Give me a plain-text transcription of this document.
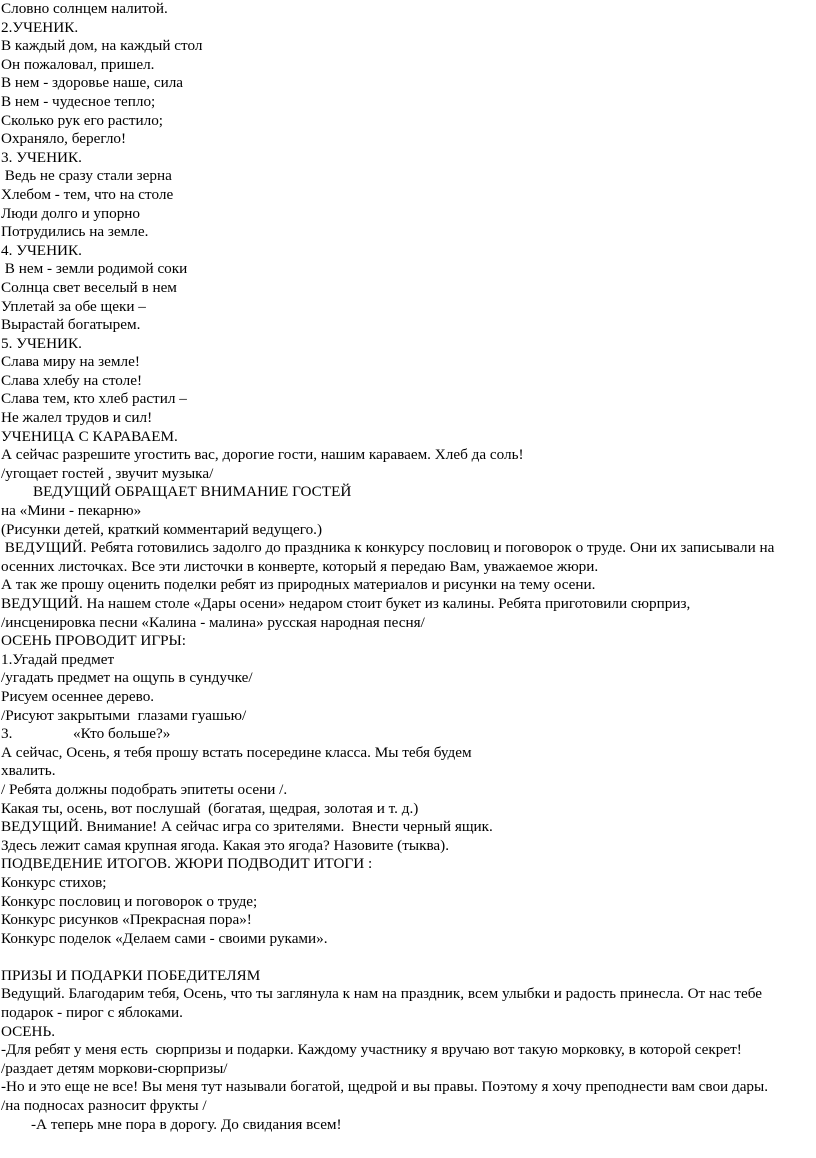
Словно солнцем налитой.

2.УЧЕНИК.

В каждый дом, на каждый стол

Он пожаловал, пришел.

В нем - здоровье наше, сила

В нем - чудесное тепло;

Сколько рук его растило;

Охраняло, берегло!

3. УЧЕНИК.

Ведь не сразу стали зерна

Хлебом - тем, что на столе

Люди долго и упорно

Потрудились на земле.

4. УЧЕНИК.

В нем - земли родимой соки

Солнца свет веселый в нем

Уплетай за обе щеки –

Вырастай богатырем.

5. УЧЕНИК.

Слава миру на земле!

Слава хлебу на столе!

Слава тем, кто хлеб растил –

Не жалел трудов и сил!

УЧЕНИЦА С КАРАВАЕМ.

А сейчас разрешите угостить вас, дорогие гости, нашим караваем. Хлеб да соль!

/угощает гостей , звучит музыка/

ВЕДУЩИЙ ОБРАЩАЕТ ВНИМАНИЕ ГОСТЕЙ

на «Мини - пекарню»

(Рисунки детей, краткий комментарий ведущего.)

ВЕДУЩИЙ. Ребята готовились задолго до праздника к конкурсу пословиц и поговорок о труде. Они их записывали на осенних листочках. Все эти листочки в конверте, который я передаю Вам, уважаемое жюри.

А так же прошу оценить поделки ребят из природных материалов и рисунки на тему осени.

ВЕДУЩИЙ. На нашем столе «Дары осени» недаром стоит букет из калины. Ребята приготовили сюрприз,

/инсценировка песни «Калина - малина» русская народная песня/

ОСЕНЬ ПРОВОДИТ ИГРЫ:

1.Угадай предмет

/угадать предмет на ощупь в сундучке/

Рисуем осеннее дерево.

/Рисуют закрытыми  глазами гуашью/

3.	«Кто больше?»

А сейчас, Осень, я тебя прошу встать посередине класса. Мы тебя будем

хвалить.

/ Ребята должны подобрать эпитеты осени /.

Какая ты, осень, вот послушай  (богатая, щедрая, золотая и т. д.)

ВЕДУЩИЙ. Внимание! А сейчас игра со зрителями.  Внести черный ящик.

Здесь лежит самая крупная ягода. Какая это ягода? Назовите (тыква).

ПОДВЕДЕНИЕ ИТОГОВ. ЖЮРИ ПОДВОДИТ ИТОГИ :

Конкурс стихов;

Конкурс пословиц и поговорок о труде;

Конкурс рисунков «Прекрасная пора»!

Конкурс поделок «Делаем сами - своими руками».

ПРИЗЫ И ПОДАРКИ ПОБЕДИТЕЛЯМ

Ведущий. Благодарим тебя, Осень, что ты заглянула к нам на праздник, всем улыбки и радость принесла. От нас тебе подарок - пирог с яблоками.

ОСЕНЬ.

-Для ребят у меня есть  сюрпризы и подарки. Каждому участнику я вручаю вот такую морковку, в которой секрет!

/раздает детям моркови-сюрпризы/

-Но и это еще не все! Вы меня тут называли богатой, щедрой и вы правы. Поэтому я хочу преподнести вам свои дары.

/на подносах разносит фрукты /

-А теперь мне пора в дорогу. До свидания всем!
